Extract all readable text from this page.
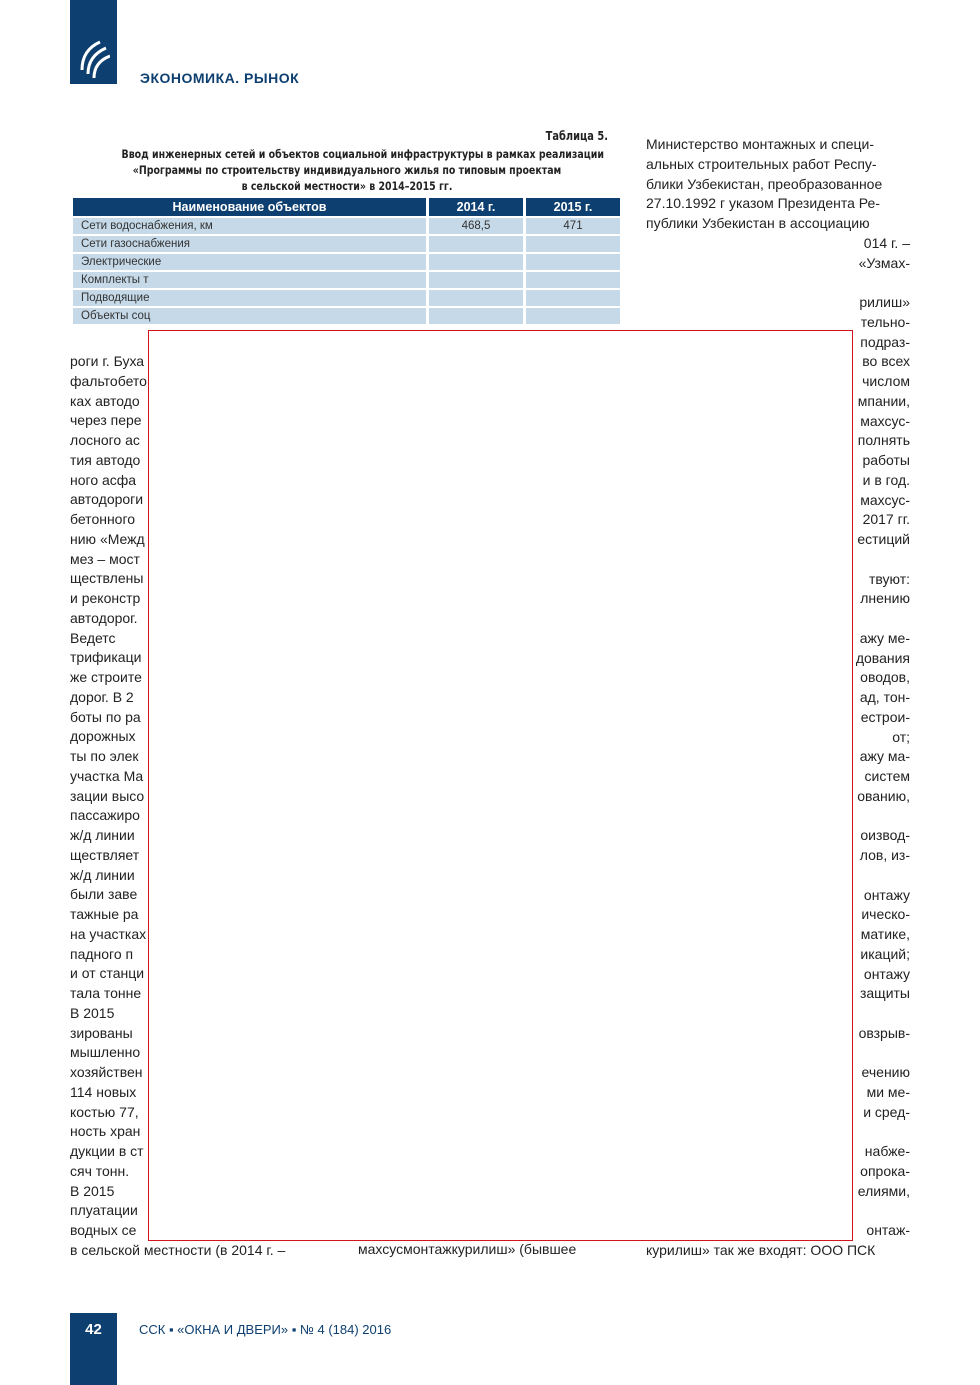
ЭКОНОМИКА. РЫНОК
Таблица 5.
Ввод инженерных сетей и объектов социальной инфраструктуры в рамках реализации
«Программы по строительству индивидуального жилья по типовым проектам
в сельской местности» в 2014–2015 гг.
Наименование объектов	2014 г.	2015 г.
Сети водоснабжения, км	468,5	471
Сети газоснабжения		
Электрические		
Комплекты т		
Подводящие		
Объекты соц		
роги г. Буха
фальтобето
ках автодо
через пере
лосного ас
тия автодо
ного асфа
автодороги
бетонного
нию «Межд
мез – мост
ществлены
и реконстр
автодорог.
Ведетс
трификаци
же строите
дорог. В 2
боты по ра
дорожных
ты по элек
участка Ма
зации высо
пассажиро
ж/д линии
ществляет
ж/д линии
были заве
тажные ра
на участках
падного п
и от станци
тала тонне
В 2015
зированы
мышленно
хозяйствен
114 новых
костью 77,
ность хран
дукции в ст
сяч тонн.
В 2015
плуатации
водных се
в сельской местности (в 2014 г. –	махсусмонтажкурилиш» (бывшее
Министерство монтажных и специ-
альных строительных работ Респу-
блики Узбекистан, преобразованное
27.10.1992 г указом Президента Ре-
публики Узбекистан в ассоциацию
014 г. –
«Узмах-
рилиш»
тельно-
подраз-
во всех
числом
мпании,
махсус-
полнять
работы
и в год.
махсус-
2017 гг.
естиций
твуют:
лнению
ажу ме-
дования
оводов,
ад, тон-
естрои-
от;
ажу ма-
систем
ованию,
оизвод-
лов, из-
онтажу
ическо-
матике,
икаций;
онтажу
защиты
овзрыв-
ечению
ми ме-
и сред-
набже-
опрока-
елиями,
онтаж-
курилиш» так же входят: ООО ПСК
42	ССК ▪ «ОКНА И ДВЕРИ» ▪ № 4 (184) 2016
